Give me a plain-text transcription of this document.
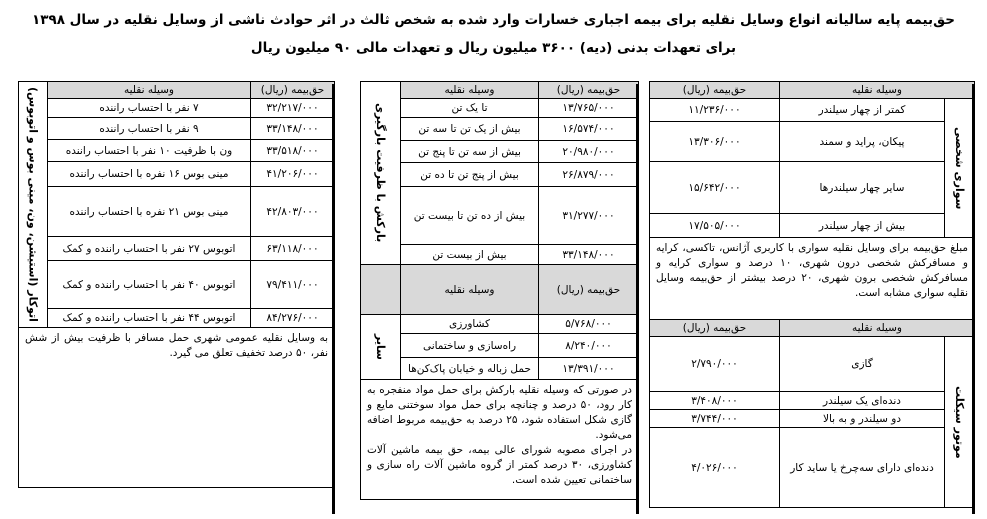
حق‌بیمه پایه سالیانه انواع وسایل نقلیه برای بیمه اجباری خسارات وارد شده به شخص ثالث در اثر حوادث ناشی از وسایل نقلیه در سال ۱۳۹۸
برای تعهدات بدنی (دیه) ۳۶۰۰ میلیون ریال و تعهدات مالی ۹۰ میلیون ریال
وسیله نقلیه		حق‌بیمه (ریال)

سواری شخصی	کمتر از چهار سیلندر	۱۱/۲۳۶/۰۰۰
	پیکان، پراید و سمند	۱۳/۳۰۶/۰۰۰
	سایر چهار سیلندرها	۱۵/۶۴۲/۰۰۰
	بیش از چهار سیلندر	۱۷/۵۰۵/۰۰۰
مبلغ حق‌بیمه برای وسایل نقلیه سواری با کاربری آژانس، تاکسی، کرایه و مسافرکش شخصی درون شهری، ۱۰ درصد و سواری کرایه و مسافرکش شخصی برون شهری، ۲۰ درصد بیشتر از حق‌بیمه وسایل نقلیه سواری مشابه است.		
وسیله نقلیه		حق‌بیمه (ریال)

موتور سیکلت	گازی	۲/۷۹۰/۰۰۰
	دنده‌ای یک سیلندر	۳/۴۰۸/۰۰۰
	دو سیلندر و به بالا	۳/۷۴۴/۰۰۰
	دنده‌ای دارای سه‌چرخ یا ساید کار	۴/۰۲۶/۰۰۰
حق‌بیمه (ریال)	وسیله نقلیه	بارکش با ظرفیت بارگیری

۱۳/۷۶۵/۰۰۰	تا یک تن	
۱۶/۵۷۴/۰۰۰	بیش از یک تن تا سه تن	
۲۰/۹۸۰/۰۰۰	بیش از سه تن تا پنج تن	
۲۶/۸۷۹/۰۰۰	بیش از پنج تن تا ده تن	
۳۱/۲۷۷/۰۰۰	بیش از ده تن تا بیست تن	
۳۳/۱۴۸/۰۰۰	بیش از بیست تن	
حق‌بیمه (ریال)	وسیله نقلیه	
۵/۷۶۸/۰۰۰	کشاورزی	سایر

۸/۲۴۰/۰۰۰	راه‌سازی و ساختمانی	
۱۳/۳۹۱/۰۰۰	حمل زباله و خیابان پاک‌کن‌ها	
در صورتی که وسیله نقلیه بارکش برای حمل مواد منفجره به کار رود، ۵۰ درصد و چنانچه برای حمل مواد سوختنی مایع و گازی شکل استفاده شود، ۲۵ درصد به حق‌بیمه مربوط اضافه می‌شود.
در اجرای مصوبه شورای عالی بیمه، حق بیمه ماشین آلات کشاورزی، ۳۰ درصد کمتر از گروه ماشین آلات راه سازی و ساختمانی تعیین شده است.		
حق‌بیمه (ریال)	وسیله نقلیه	اتوکار (استیشن، ون، مینی بوس و اتوبوس)

۳۲/۲۱۷/۰۰۰	۷ نفر با احتساب راننده	
۳۳/۱۴۸/۰۰۰	۹ نفر با احتساب راننده	
۳۳/۵۱۸/۰۰۰	ون با ظرفیت ۱۰ نفر با احتساب راننده	
۴۱/۲۰۶/۰۰۰	مینی بوس ۱۶ نفره با احتساب راننده	
۴۲/۸۰۳/۰۰۰	مینی بوس ۲۱ نفره با احتساب راننده	
۶۳/۱۱۸/۰۰۰	اتوبوس ۲۷ نفر با احتساب راننده و کمک	
۷۹/۴۱۱/۰۰۰	اتوبوس ۴۰ نفر با احتساب راننده و کمک	
۸۴/۲۷۶/۰۰۰	اتوبوس ۴۴ نفر با احتساب راننده و کمک	
به وسایل نقلیه عمومی شهری حمل مسافر با ظرفیت بیش از شش نفر، ۵۰ درصد تخفیف تعلق می گیرد.		
